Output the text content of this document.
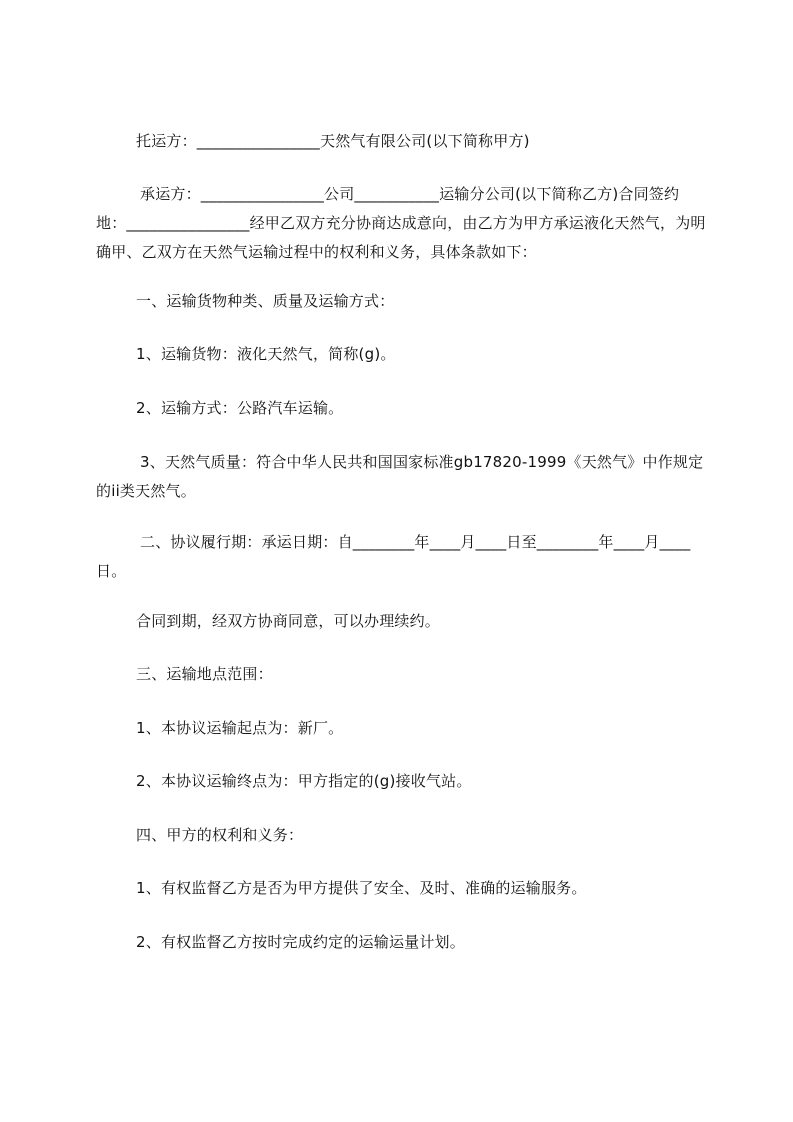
托运方：________________天然气有限公司(以下简称甲方)
承运方：________________公司___________运输分公司(以下简称乙方)合同签约地：________________经甲乙双方充分协商达成意向，由乙方为甲方承运液化天然气，为明确甲、乙双方在天然气运输过程中的权利和义务，具体条款如下：
一、运输货物种类、质量及运输方式：
1、运输货物：液化天然气，简称(g)。
2、运输方式：公路汽车运输。
3、天然气质量：符合中华人民共和国国家标准gb17820-1999《天然气》中作规定的ii类天然气。
二、协议履行期：承运日期：自________年____月____日至________年____月____日。
合同到期，经双方协商同意，可以办理续约。
三、运输地点范围：
1、本协议运输起点为：新厂。
2、本协议运输终点为：甲方指定的(g)接收气站。
四、甲方的权利和义务：
1、有权监督乙方是否为甲方提供了安全、及时、准确的运输服务。
2、有权监督乙方按时完成约定的运输运量计划。
